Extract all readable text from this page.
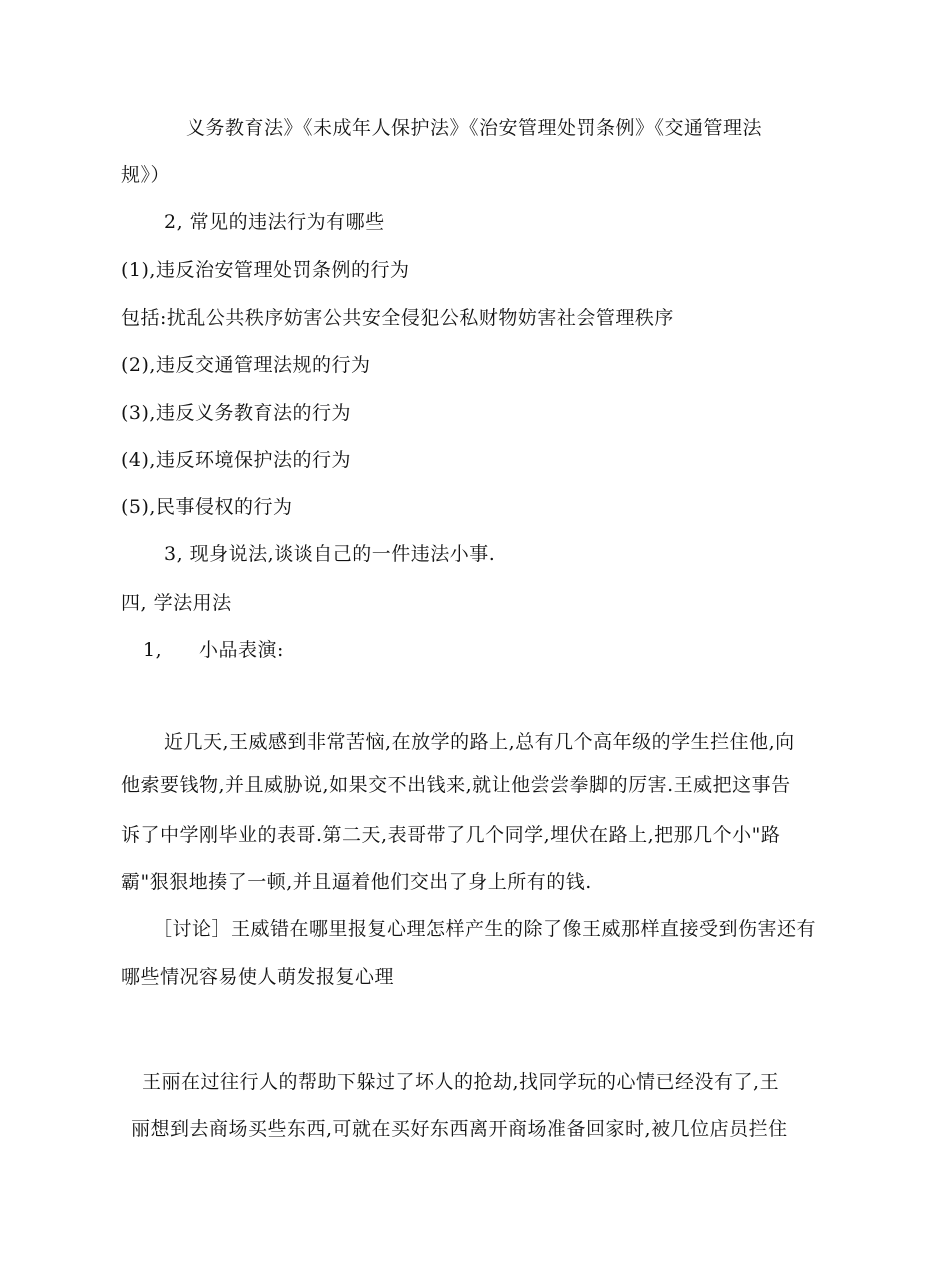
义务教育法》《未成年人保护法》《治安管理处罚条例》《交通管理法
规》）
2, 常见的违法行为有哪些
(1),违反治安管理处罚条例的行为
包括:扰乱公共秩序妨害公共安全侵犯公私财物妨害社会管理秩序
(2),违反交通管理法规的行为
(3),违反义务教育法的行为
(4),违反环境保护法的行为
(5),民事侵权的行为
3, 现身说法,谈谈自己的一件违法小事.
四, 学法用法
1, 小品表演:
近几天,王威感到非常苦恼,在放学的路上,总有几个高年级的学生拦住他,向
他索要钱物,并且威胁说,如果交不出钱来,就让他尝尝拳脚的厉害.王威把这事告
诉了中学刚毕业的表哥.第二天,表哥带了几个同学,埋伏在路上,把那几个小"路
霸"狠狠地揍了一顿,并且逼着他们交出了身上所有的钱.
［讨论］王威错在哪里报复心理怎样产生的除了像王威那样直接受到伤害还有
哪些情况容易使人萌发报复心理
王丽在过往行人的帮助下躲过了坏人的抢劫,找同学玩的心情已经没有了,王
丽想到去商场买些东西,可就在买好东西离开商场准备回家时,被几位店员拦住
